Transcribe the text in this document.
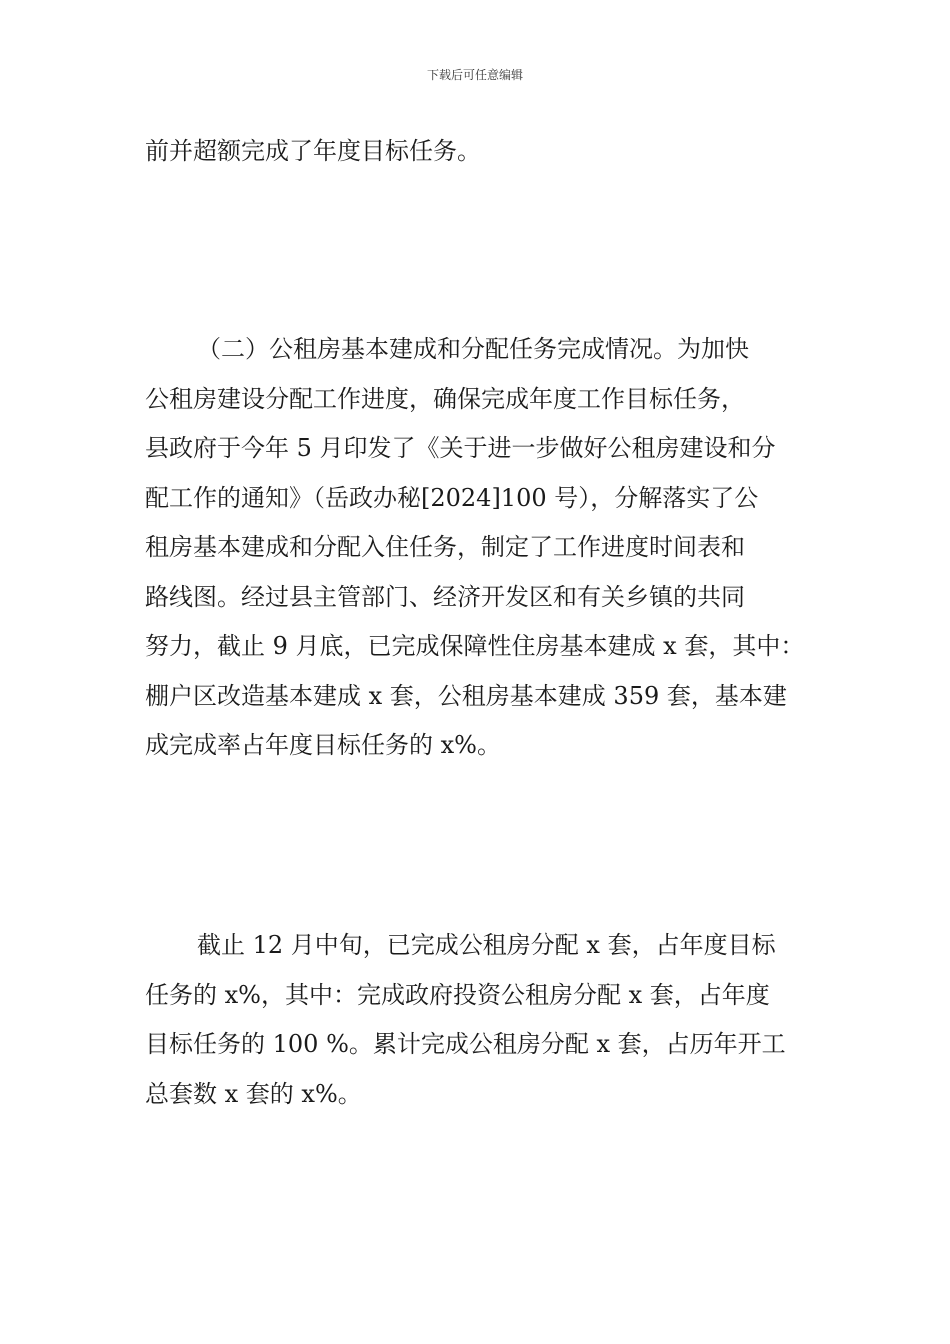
下载后可任意编辑
前并超额完成了年度目标任务。
（二）公租房基本建成和分配任务完成情况。为加快
公租房建设分配工作进度，确保完成年度工作目标任务，
县政府于今年 5 月印发了《关于进一步做好公租房建设和分
配工作的通知》（岳政办秘[2024]100 号），分解落实了公
租房基本建成和分配入住任务，制定了工作进度时间表和
路线图。经过县主管部门、经济开发区和有关乡镇的共同
努力，截止 9 月底，已完成保障性住房基本建成 x 套，其中：
棚户区改造基本建成 x 套，公租房基本建成 359 套，基本建
成完成率占年度目标任务的 x%。
截止 12 月中旬，已完成公租房分配 x 套，占年度目标
任务的 x%，其中：完成政府投资公租房分配 x 套，占年度
目标任务的 100 %。累计完成公租房分配 x 套，占历年开工
总套数 x 套的 x%。
